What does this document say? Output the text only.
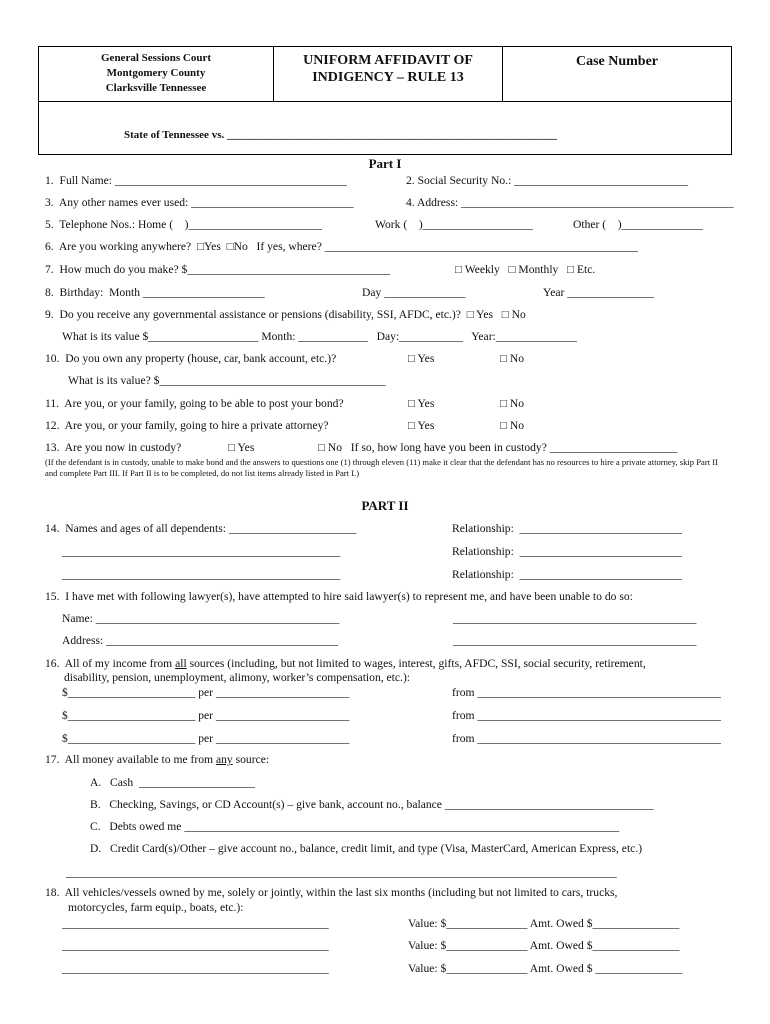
General Sessions Court
Montgomery County
Clarksville Tennessee
UNIFORM AFFIDAVIT OF
INDIGENCY – RULE 13
Case Number
State of Tennessee vs. ____________________________________________________________
Part I
1.  Full Name: ________________________________________	2. Social Security No.: ______________________________
3.  Any other names ever used: ____________________________	4. Address: _______________________________________________
5.  Telephone Nos.: Home (    )_______________________	Work (    )___________________	Other (    )______________
6.  Are you working anywhere?  □Yes  □No   If yes, where? ______________________________________________________
7.  How much do you make? $___________________________________	□ Weekly   □ Monthly   □ Etc.
8.  Birthday:  Month _____________________	Day ______________	Year _______________
9.  Do you receive any governmental assistance or pensions (disability, SSI, AFDC, etc.)?  □ Yes   □ No
What is its value $___________________ Month: ____________   Day:___________   Year:______________
10.  Do you own any property (house, car, bank account, etc.)?	□ Yes	□ No
What is its value? $_______________________________________
11.  Are you, or your family, going to be able to post your bond?	□ Yes	□ No
12.  Are you, or your family, going to hire a private attorney?	□ Yes	□ No
13.  Are you now in custody?	□ Yes	□ No   If so, how long have you been in custody? ______________________
(If the defendant is in custody, unable to make bond and the answers to questions one (1) through eleven (11) make it clear that the defendant has no resources to hire a private attorney, skip Part II and complete Part III. If Part II is to be completed, do not list items already listed in Part I.)
PART II
14.  Names and ages of all dependents: ______________________	Relationship:  ____________________________
________________________________________________	Relationship:  ____________________________
________________________________________________	Relationship:  ____________________________
15.  I have met with following lawyer(s), have attempted to hire said lawyer(s) to represent me, and have been unable to do so:
Name: __________________________________________	__________________________________________
Address: ________________________________________	__________________________________________
16.  All of my income from all sources (including, but not limited to wages, interest, gifts, AFDC, SSI, social security, retirement,
disability, pension, unemployment, alimony, worker’s compensation, etc.):
$______________________ per _______________________	from __________________________________________
$______________________ per _______________________	from __________________________________________
$______________________ per _______________________	from __________________________________________
17.  All money available to me from any source:
A.   Cash  ____________________
B.   Checking, Savings, or CD Account(s) – give bank, account no., balance ____________________________________
C.   Debts owed me ___________________________________________________________________________
D.   Credit Card(s)/Other – give account no., balance, credit limit, and type (Visa, MasterCard, American Express, etc.)
_______________________________________________________________________________________________
18.  All vehicles/vessels owned by me, solely or jointly, within the last six months (including but not limited to cars, trucks,
motorcycles, farm equip., boats, etc.):
______________________________________________	Value: $______________ Amt. Owed $_______________
______________________________________________	Value: $______________ Amt. Owed $_______________
______________________________________________	Value: $______________ Amt. Owed $ _______________
